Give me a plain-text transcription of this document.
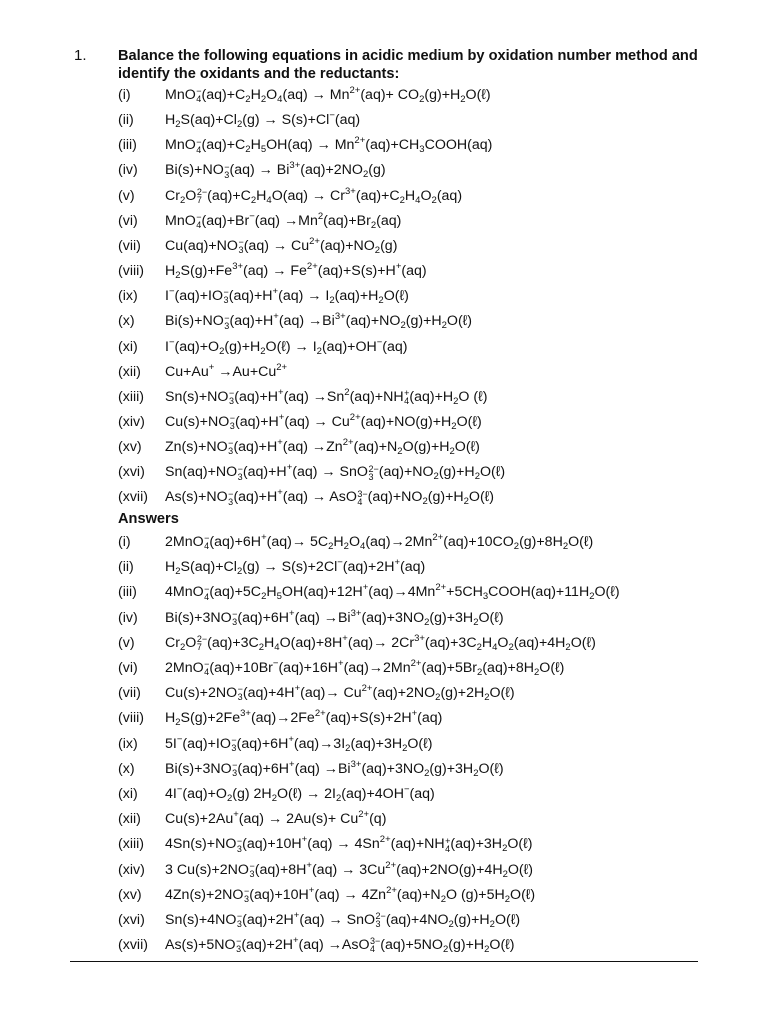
1. Balance the following equations in acidic medium by oxidation number method and identify the oxidants and the reductants:
(i) MnO −
4 $(aq)+C_2H_2O_4(aq) \to Mn^{2+}(aq)+$ $CO_2(g)+H_2O(\ell)$
(ii) $H_2S(aq)+Cl_2(g) \to S(s)+Cl^-(aq)$
(iii) MnO −
4 $(aq)+C_2H_5OH(aq)$ → $Mn^{2+}(aq)+CH_3COOH(aq)$
(iv) Bi(s)+NO −
3 $(aq) \to Bi^{3+}(aq)+2NO_2(g)$
(v) $Cr_2O$ 2−
7 $(aq)+C_2H_4O(aq) \to Cr^{3+}(aq)+C_2H_4O_2(aq)$
(vi) MnO −
4 $(aq)+Br^-(aq) \to Mn^2(aq)+Br_2(aq)$
(vii) Cu(aq)+NO −
3 $(aq) \to Cu^{2+}(aq)+NO_2(g)$
(viii) $H_2S(g)+Fe^{3+}(aq) \to Fe^{2+}(aq)+S(s)+H^+(aq)$
(ix) I−(aq)+IO −
3 $(aq)+H^+(aq) \to I_2(aq)+H_2O(\ell)$
(x) Bi(s)+NO −
3 $(aq)+H^+(aq) \to Bi^{3+}(aq)+NO_2(g)+H_2O(\ell)$
(xi) $I^-(aq)+O_2(g)+H_2O(\ell) \to I_2(aq)+OH^-(aq)$
(xii) $Cu+Au^+ \to Au+Cu^{2+}$
(xiii) Sn(s)+NO −
3 $(aq)+H^+(aq) \to Sn^2(aq)+NH$ +
4 $(aq)+H_2O$ (ℓ)
(xiv) Cu(s)+NO −
3 $(aq)+H^+(aq) \to Cu^{2+}(aq)+NO(g)+H_2O(\ell)$
(xv) Zn(s)+NO −
3 $(aq)+H^+(aq) \to Zn^{2+}(aq)+N_2O(g)+H_2O(\ell)$
(xvi) Sn(aq)+NO −
3 (aq)+H+(aq) → SnO 2−
3 $(aq)+NO_2(g)+H_2O(\ell)$
(xvii) As(s)+NO −
3 (aq)+H+(aq) → AsO 3−
4 $(aq)+NO_2(g)+H_2O(\ell)$
Answers
(i) 2MnO −
4 $(aq)+6H^+(aq)\to 5C_2H_2O_4(aq)\to 2Mn^{2+}(aq)+10CO_2(g)+8H_2O(\ell)$
(ii) $H_2S(aq)+Cl_2(g) \to S(s)+2Cl^-(aq)+2H^+(aq)$
(iii) 4MnO −
4 $(aq)+5C_2H_5OH(aq)+12H^+(aq)\to 4Mn^{2+}+5CH_3COOH(aq)+11H_2O(\ell)$
(iv) Bi(s)+3NO −
3 $(aq)+6H^+(aq) \to Bi^{3+}(aq)+3NO_2(g)+3H_2O(\ell)$
(v) $Cr_2O$ 2−
7 $(aq)+3C_2H_4O(aq)+8H^+(aq)\to$ $2Cr^{3+}(aq)+3C_2H_4O_2(aq)+4H_2O(\ell)$
(vi) 2MnO −
4 $(aq)+10Br^-(aq)+16H^+(aq)\to 2Mn^{2+}(aq)+5Br_2(aq)+8H_2O(\ell)$
(vii) Cu(s)+2NO −
3 $(aq)+4H^+(aq)\to Cu^{2+}(aq)+2NO_2(g)+2H_2O(\ell)$
(viii) $H_2S(g)+2Fe^{3+}(aq)\to 2Fe^{2+}(aq)+S(s)+2H^+(aq)$
(ix) 5I−(aq)+IO −
3 $(aq)+6H^+(aq)\to 3I_2(aq)+3H_2O(\ell)$
(x) Bi(s)+3NO −
3 $(aq)+6H^+(aq) \to Bi^{3+}(aq)+3NO_2(g)+3H_2O(\ell)$
(xi) $4I^-(aq)+O_2(g)$ $2H_2O(\ell) \to 2I_2(aq)+4OH^-(aq)$
(xii) $Cu(s)+2Au^+(aq) \to 2Au(s)+ Cu^{2+}(q)$
(xiii) 4Sn(s)+NO −
3 $(aq)+10H^+(aq) \to 4Sn^{2+}(aq)+NH$ +
4 $(aq)+3H_2O(\ell)$
(xiv) 3 Cu(s)+2NO −
3 $(aq)+8H^+(aq) \to 3Cu^{2+}(aq)+2NO(g)+4H_2O(\ell)$
(xv) 4Zn(s)+2NO −
3 $(aq)+10H^+(aq) \to 4Zn^{2+}(aq)+N_2O$ $(g)+5H_2O(\ell)$
(xvi) Sn(s)+4NO −
3 (aq)+2H+(aq) → SnO 2−
3 $(aq)+4NO_2(g)+H_2O(\ell)$
(xvii) As(s)+5NO −
3 (aq)+2H+(aq) →AsO 3−
4 $(aq)+5NO_2(g)+H_2O(\ell)$
